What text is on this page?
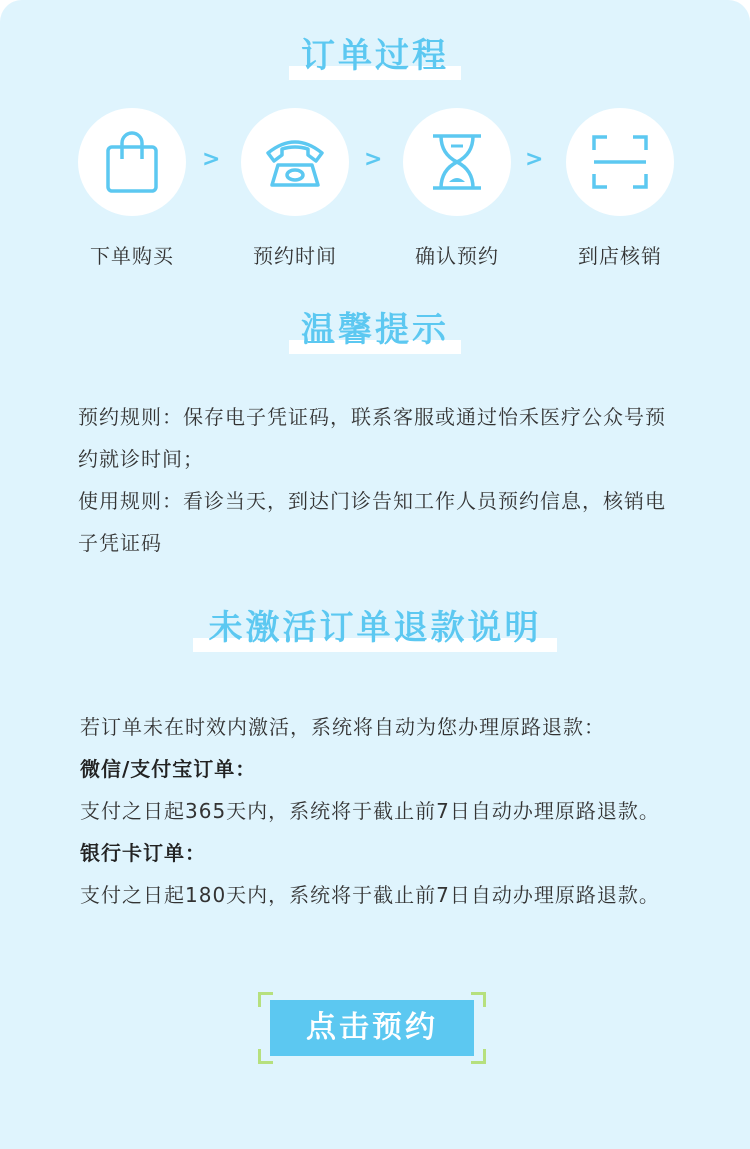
订单过程
下单购买
>
预约时间
>
确认预约
>
到店核销
温馨提示

预约规则：保存电子凭证码，联系客服或通过怡禾医疗公众号预约就诊时间；

使用规则：看诊当天，到达门诊告知工作人员预约信息，核销电子凭证码

未激活订单退款说明

若订单未在时效内激活，系统将自动为您办理原路退款：

微信/支付宝订单：

支付之日起365天内，系统将于截止前7日自动办理原路退款。

银行卡订单：

支付之日起180天内，系统将于截止前7日自动办理原路退款。

点击预约
